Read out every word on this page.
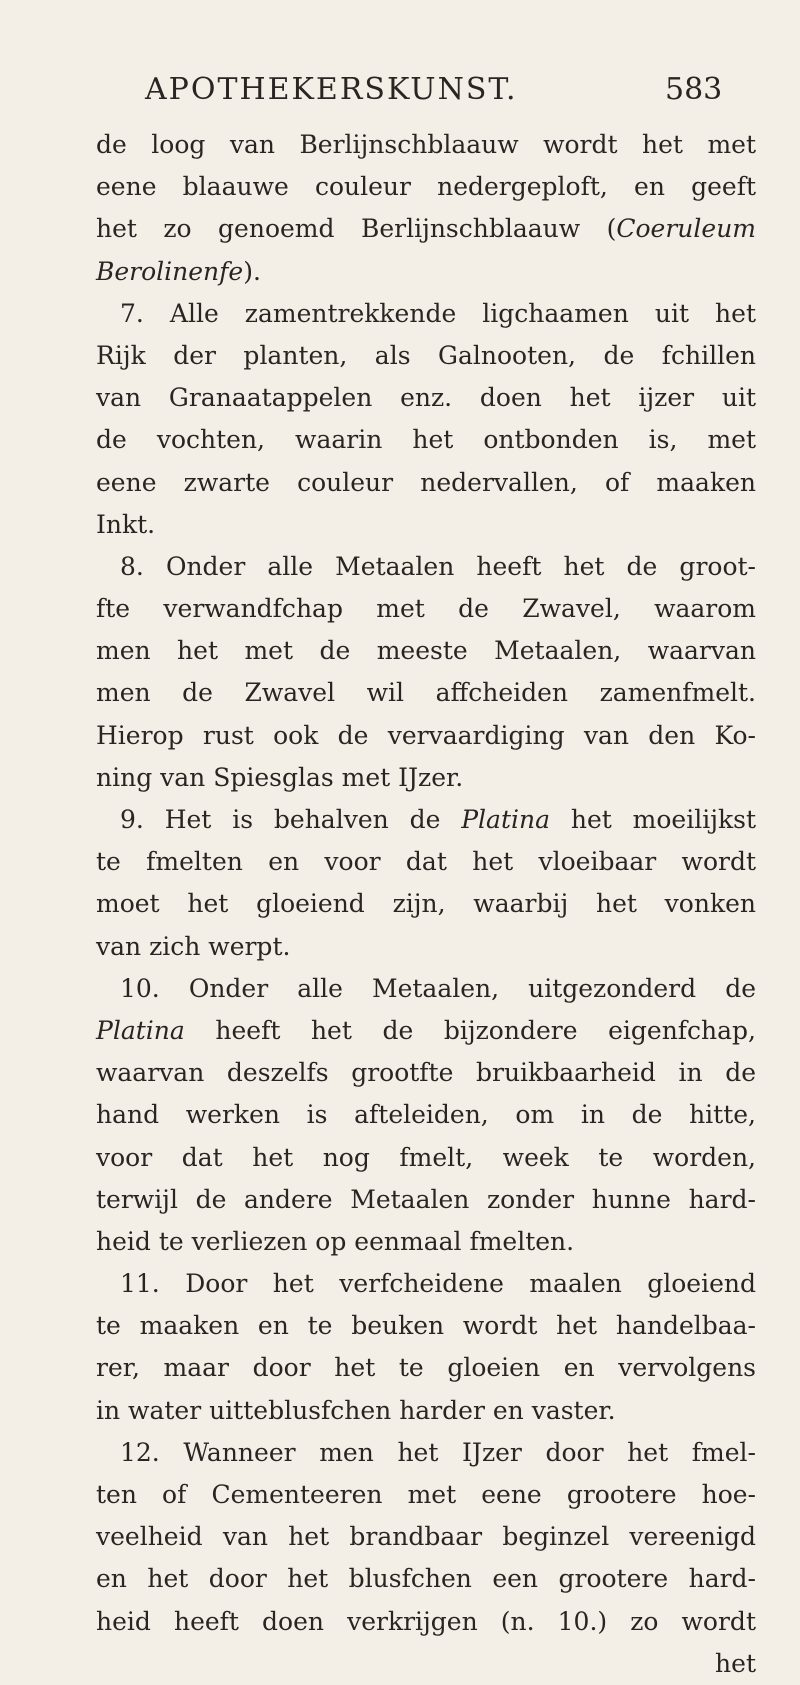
APOTHEKERSKUNST.	583
de loog van Berlijnschblaauw wordt het met
eene blaauwe couleur nedergeploft, en geeft
het zo genoemd Berlijnschblaauw (Coeruleum
Berolinenfe).
7. Alle zamentrekkende ligchaamen uit het
Rijk der planten, als Galnooten, de fchillen
van Granaatappelen enz. doen het ijzer uit
de vochten, waarin het ontbonden is, met
eene zwarte couleur nedervallen, of maaken
Inkt.
8. Onder alle Metaalen heeft het de groot-
fte verwandfchap met de Zwavel, waarom
men het met de meeste Metaalen, waarvan
men de Zwavel wil affcheiden zamenfmelt.
Hierop rust ook de vervaardiging van den Ko-
ning van Spiesglas met IJzer.
9. Het is behalven de Platina het moeilijkst
te fmelten en voor dat het vloeibaar wordt
moet het gloeiend zijn, waarbij het vonken
van zich werpt.
10. Onder alle Metaalen, uitgezonderd de
Platina heeft het de bijzondere eigenfchap,
waarvan deszelfs grootfte bruikbaarheid in de
hand werken is afteleiden, om in de hitte,
voor dat het nog fmelt, week te worden,
terwijl de andere Metaalen zonder hunne hard-
heid te verliezen op eenmaal fmelten.
11. Door het verfcheidene maalen gloeiend
te maaken en te beuken wordt het handelbaa-
rer, maar door het te gloeien en vervolgens
in water uitteblusfchen harder en vaster.
12. Wanneer men het IJzer door het fmel-
ten of Cementeeren met eene grootere hoe-
veelheid van het brandbaar beginzel vereenigd
en het door het blusfchen een grootere hard-
heid heeft doen verkrijgen (n. 10.) zo wordt
het
